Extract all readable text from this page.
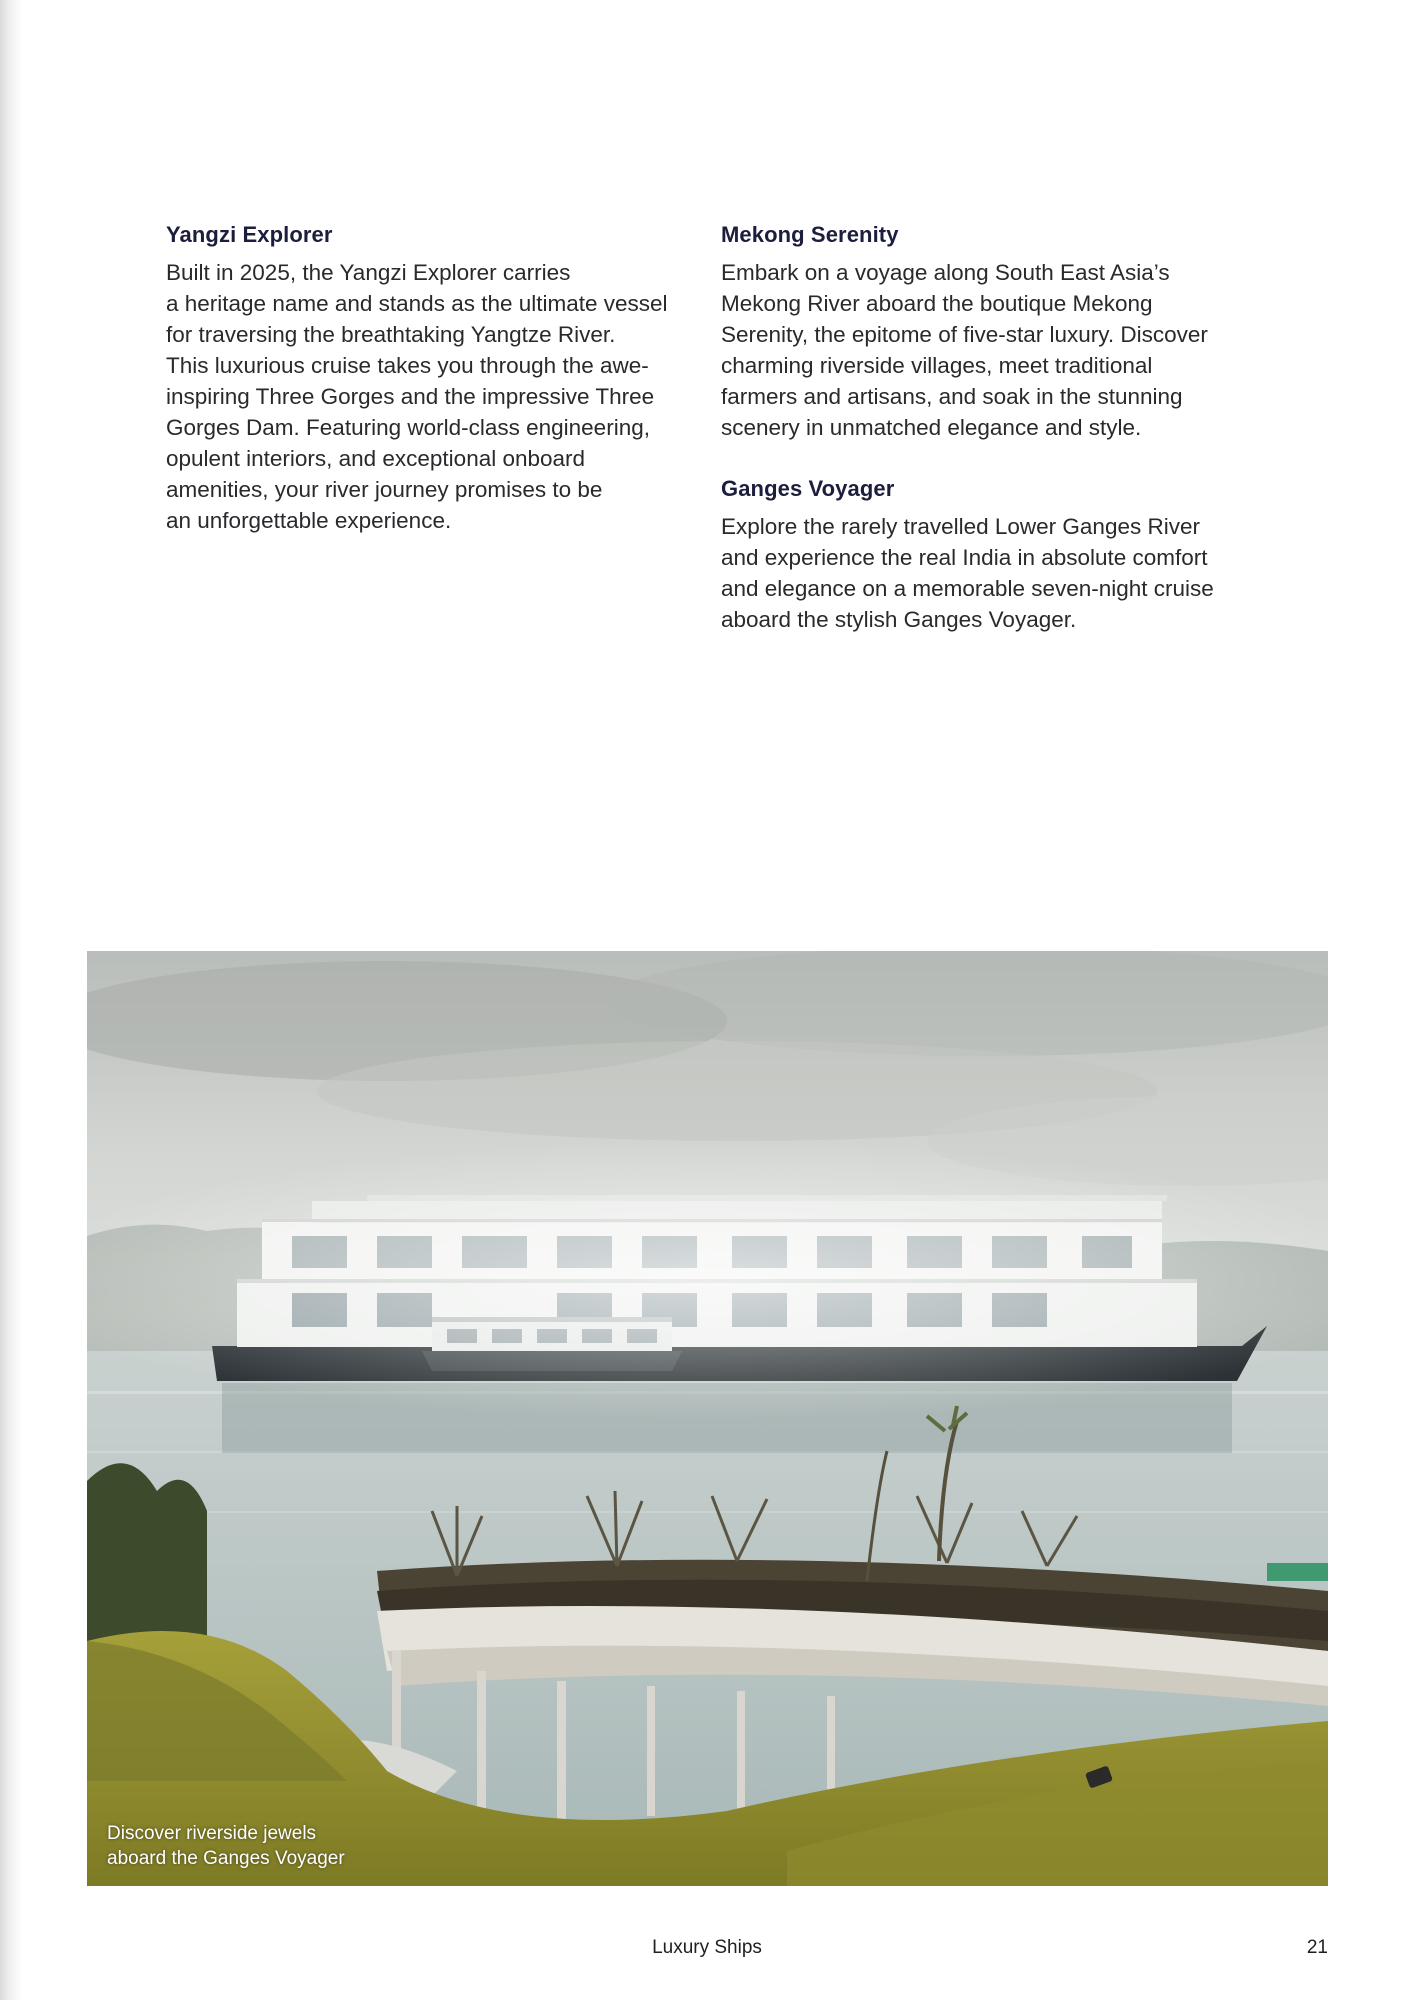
Yangzi Explorer

Built in 2025, the Yangzi Explorer carries
a heritage name and stands as the ultimate vessel
for traversing the breathtaking Yangtze River.
This luxurious cruise takes you through the awe-
inspiring Three Gorges and the impressive Three
Gorges Dam. Featuring world-class engineering,
opulent interiors, and exceptional onboard
amenities, your river journey promises to be
an unforgettable experience.

Mekong Serenity

Embark on a voyage along South East Asia’s
Mekong River aboard the boutique Mekong
Serenity, the epitome of five-star luxury. Discover
charming riverside villages, meet traditional
farmers and artisans, and soak in the stunning
scenery in unmatched elegance and style.

Ganges Voyager

Explore the rarely travelled Lower Ganges River
and experience the real India in absolute comfort
and elegance on a memorable seven-night cruise
aboard the stylish Ganges Voyager.

Discover riverside jewels
aboard the Ganges Voyager
Luxury Ships	21
